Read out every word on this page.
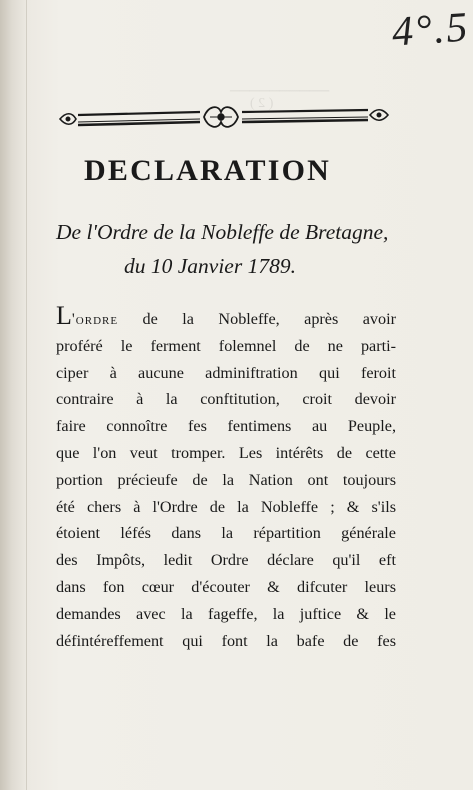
( 2 )
──────────
4°.5
DECLARATION
De l'Ordre de la Nobleffe de Bretagne,
du 10 Janvier 1789.
L'ordre de la Nobleffe, après avoir
proféré le ferment folemnel de ne parti-
ciper à aucune adminiftration qui feroit
contraire à la conftitution, croit devoir
faire connoître fes fentimens au Peuple,
que l'on veut tromper. Les intérêts de cette
portion précieufe de la Nation ont toujours
été chers à l'Ordre de la Nobleffe ; & s'ils
étoient léfés dans la répartition générale
des Impôts, ledit Ordre déclare qu'il eft
dans fon cœur d'écouter & difcuter leurs
demandes avec la fageffe, la juftice & le
défintéreffement qui font la bafe de fes
